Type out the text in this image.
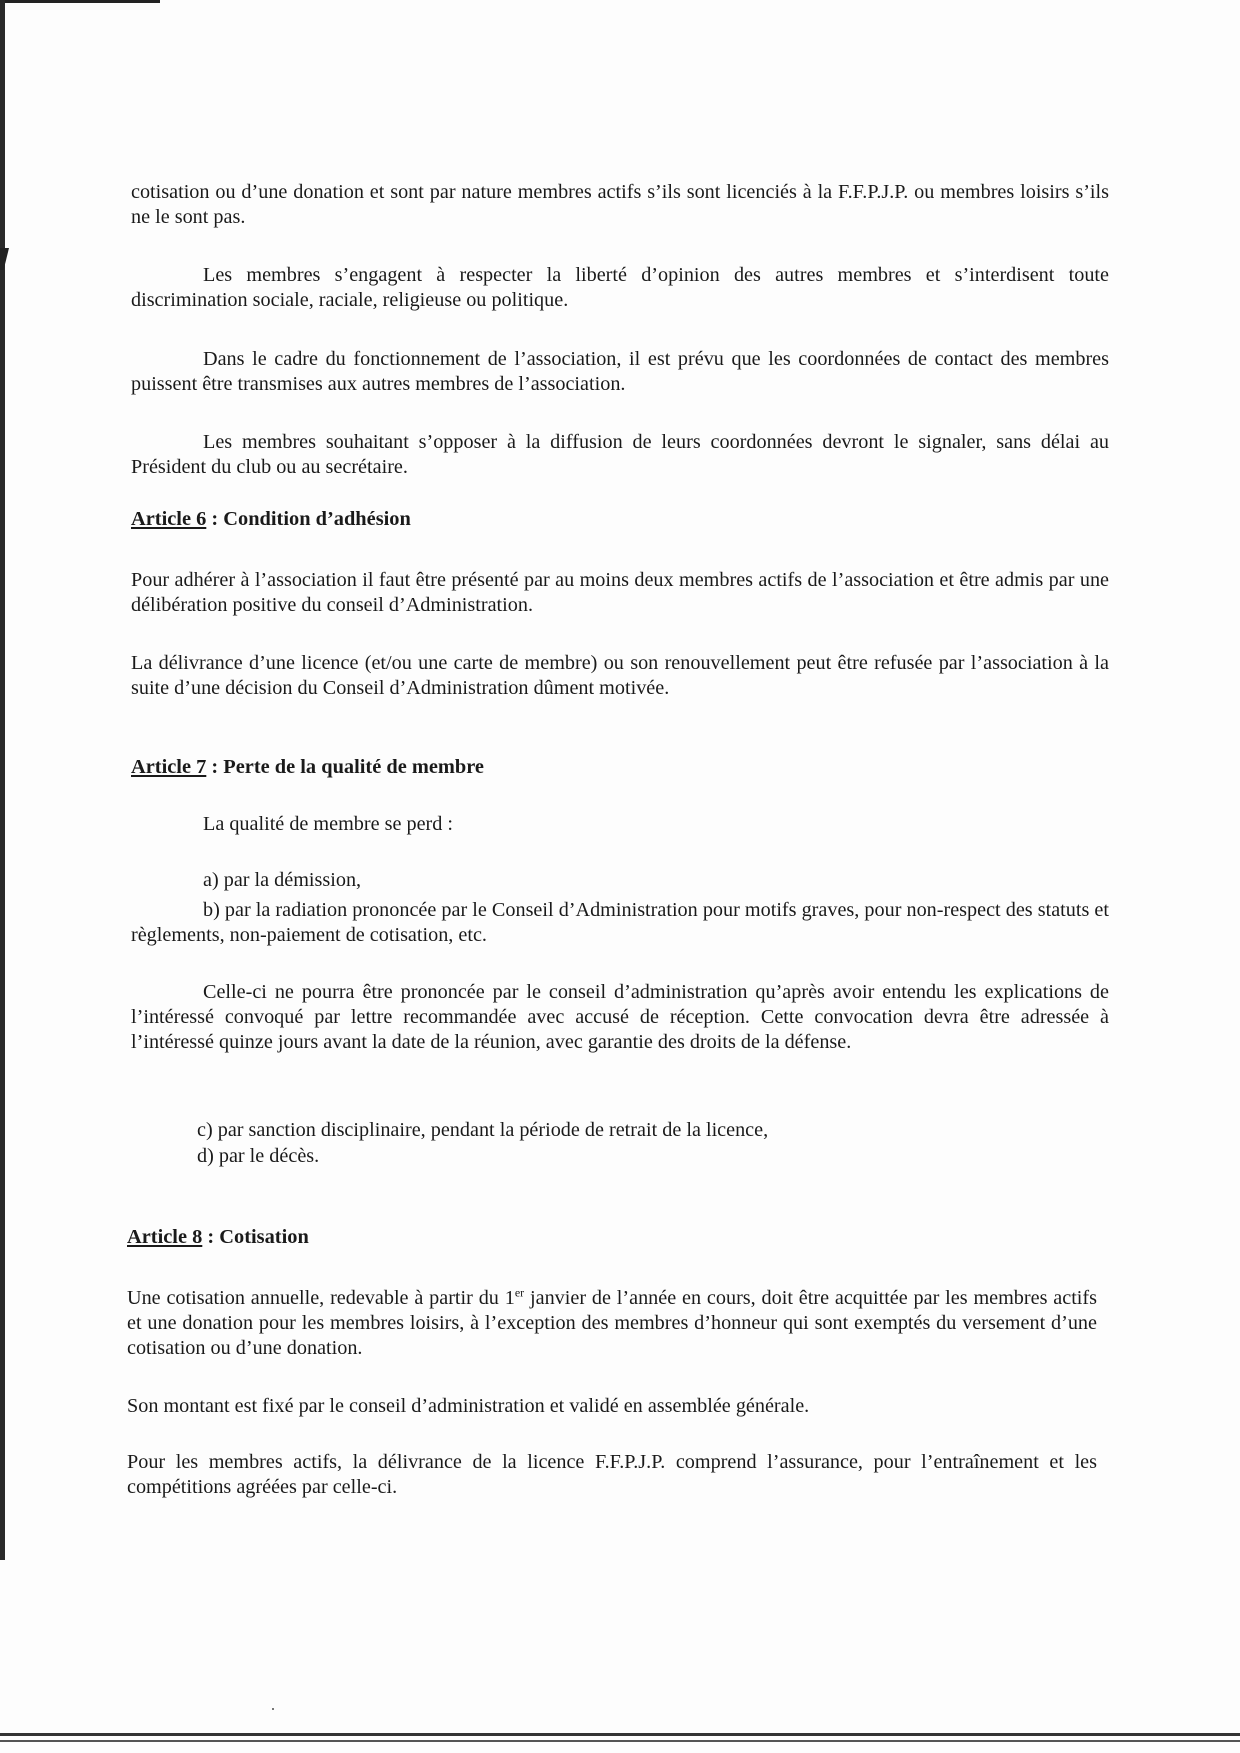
cotisation ou d’une donation et sont par nature membres actifs s’ils sont licenciés à la F.F.P.J.P. ou membres loisirs s’ils ne le sont pas.

Les membres s’engagent à respecter la liberté d’opinion des autres membres et s’interdisent toute discrimination sociale, raciale, religieuse ou politique.

Dans le cadre du fonctionnement de l’association, il est prévu que les coordonnées de contact des membres puissent être transmises aux autres membres de l’association.

Les membres souhaitant s’opposer à la diffusion de leurs coordonnées devront le signaler, sans délai au Président du club ou au secrétaire.

Article 6 : Condition d’adhésion

Pour adhérer à l’association il faut être présenté par au moins deux membres actifs de l’association et être admis par une délibération positive du conseil d’Administration.

La délivrance d’une licence (et/ou une carte de membre) ou son renouvellement peut être refusée par l’association à la suite d’une décision du Conseil d’Administration dûment motivée.

Article 7 : Perte de la qualité de membre

La qualité de membre se perd :

a) par la démission,

b) par la radiation prononcée par le Conseil d’Administration pour motifs graves, pour non-respect des statuts et règlements, non-paiement de cotisation, etc.

Celle-ci ne pourra être prononcée par le conseil d’administration qu’après avoir entendu les explications de l’intéressé convoqué par lettre recommandée avec accusé de réception. Cette convocation devra être adressée à l’intéressé quinze jours avant la date de la réunion, avec garantie des droits de la défense.

c) par sanction disciplinaire, pendant la période de retrait de la licence,

d) par le décès.

Article 8 : Cotisation

Une cotisation annuelle, redevable à partir du 1er janvier de l’année en cours, doit être acquittée par les membres actifs et une donation pour les membres loisirs, à l’exception des membres d’honneur qui sont exemptés du versement d’une cotisation ou d’une donation.

Son montant est fixé par le conseil d’administration et validé en assemblée générale.

Pour les membres actifs, la délivrance de la licence F.F.P.J.P. comprend l’assurance, pour l’entraînement et les compétitions agréées par celle-ci.
